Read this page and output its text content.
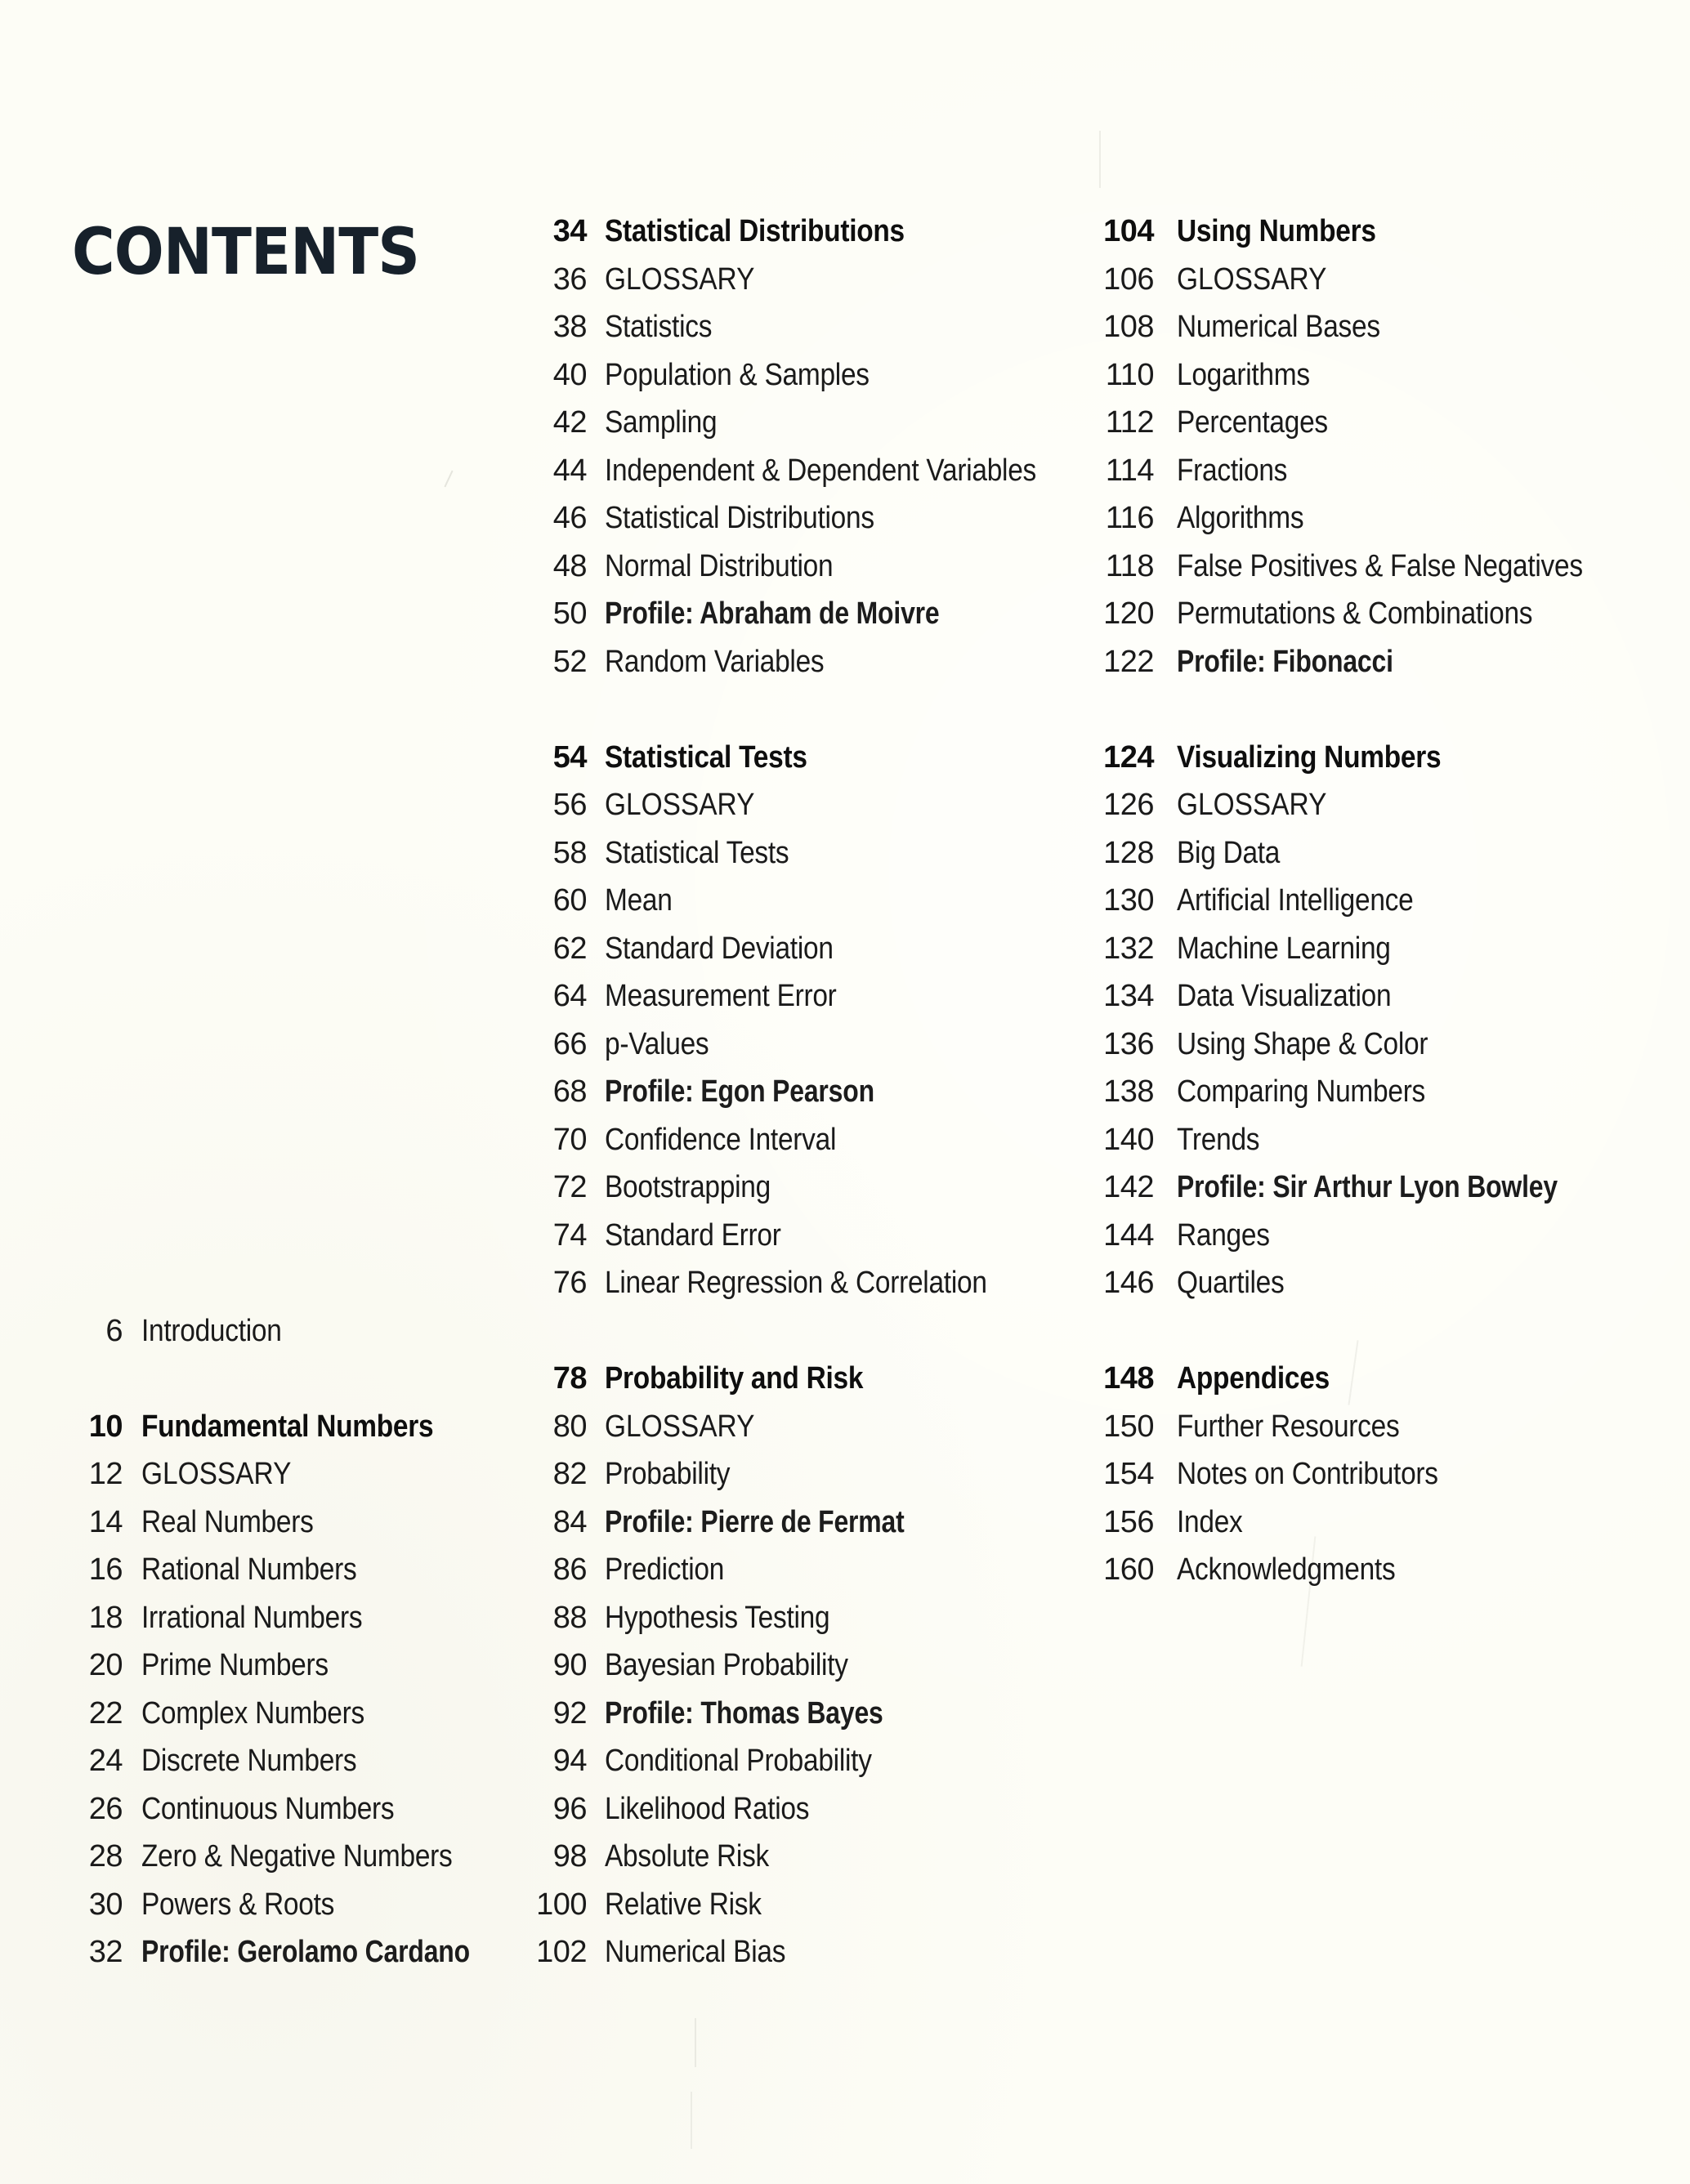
CONTENTS
6 Introduction
10 Fundamental Numbers
12 GLOSSARY
14 Real Numbers
16 Rational Numbers
18 Irrational Numbers
20 Prime Numbers
22 Complex Numbers
24 Discrete Numbers
26 Continuous Numbers
28 Zero & Negative Numbers
30 Powers & Roots
32 Profile: Gerolamo Cardano
34 Statistical Distributions
36 GLOSSARY
38 Statistics
40 Population & Samples
42 Sampling
44 Independent & Dependent Variables
46 Statistical Distributions
48 Normal Distribution
50 Profile: Abraham de Moivre
52 Random Variables
54 Statistical Tests
56 GLOSSARY
58 Statistical Tests
60 Mean
62 Standard Deviation
64 Measurement Error
66 p-Values
68 Profile: Egon Pearson
70 Confidence Interval
72 Bootstrapping
74 Standard Error
76 Linear Regression & Correlation
78 Probability and Risk
80 GLOSSARY
82 Probability
84 Profile: Pierre de Fermat
86 Prediction
88 Hypothesis Testing
90 Bayesian Probability
92 Profile: Thomas Bayes
94 Conditional Probability
96 Likelihood Ratios
98 Absolute Risk
100 Relative Risk
102 Numerical Bias
104 Using Numbers
106 GLOSSARY
108 Numerical Bases
110 Logarithms
112 Percentages
114 Fractions
116 Algorithms
118 False Positives & False Negatives
120 Permutations & Combinations
122 Profile: Fibonacci
124 Visualizing Numbers
126 GLOSSARY
128 Big Data
130 Artificial Intelligence
132 Machine Learning
134 Data Visualization
136 Using Shape & Color
138 Comparing Numbers
140 Trends
142 Profile: Sir Arthur Lyon Bowley
144 Ranges
146 Quartiles
148 Appendices
150 Further Resources
154 Notes on Contributors
156 Index
160 Acknowledgments
